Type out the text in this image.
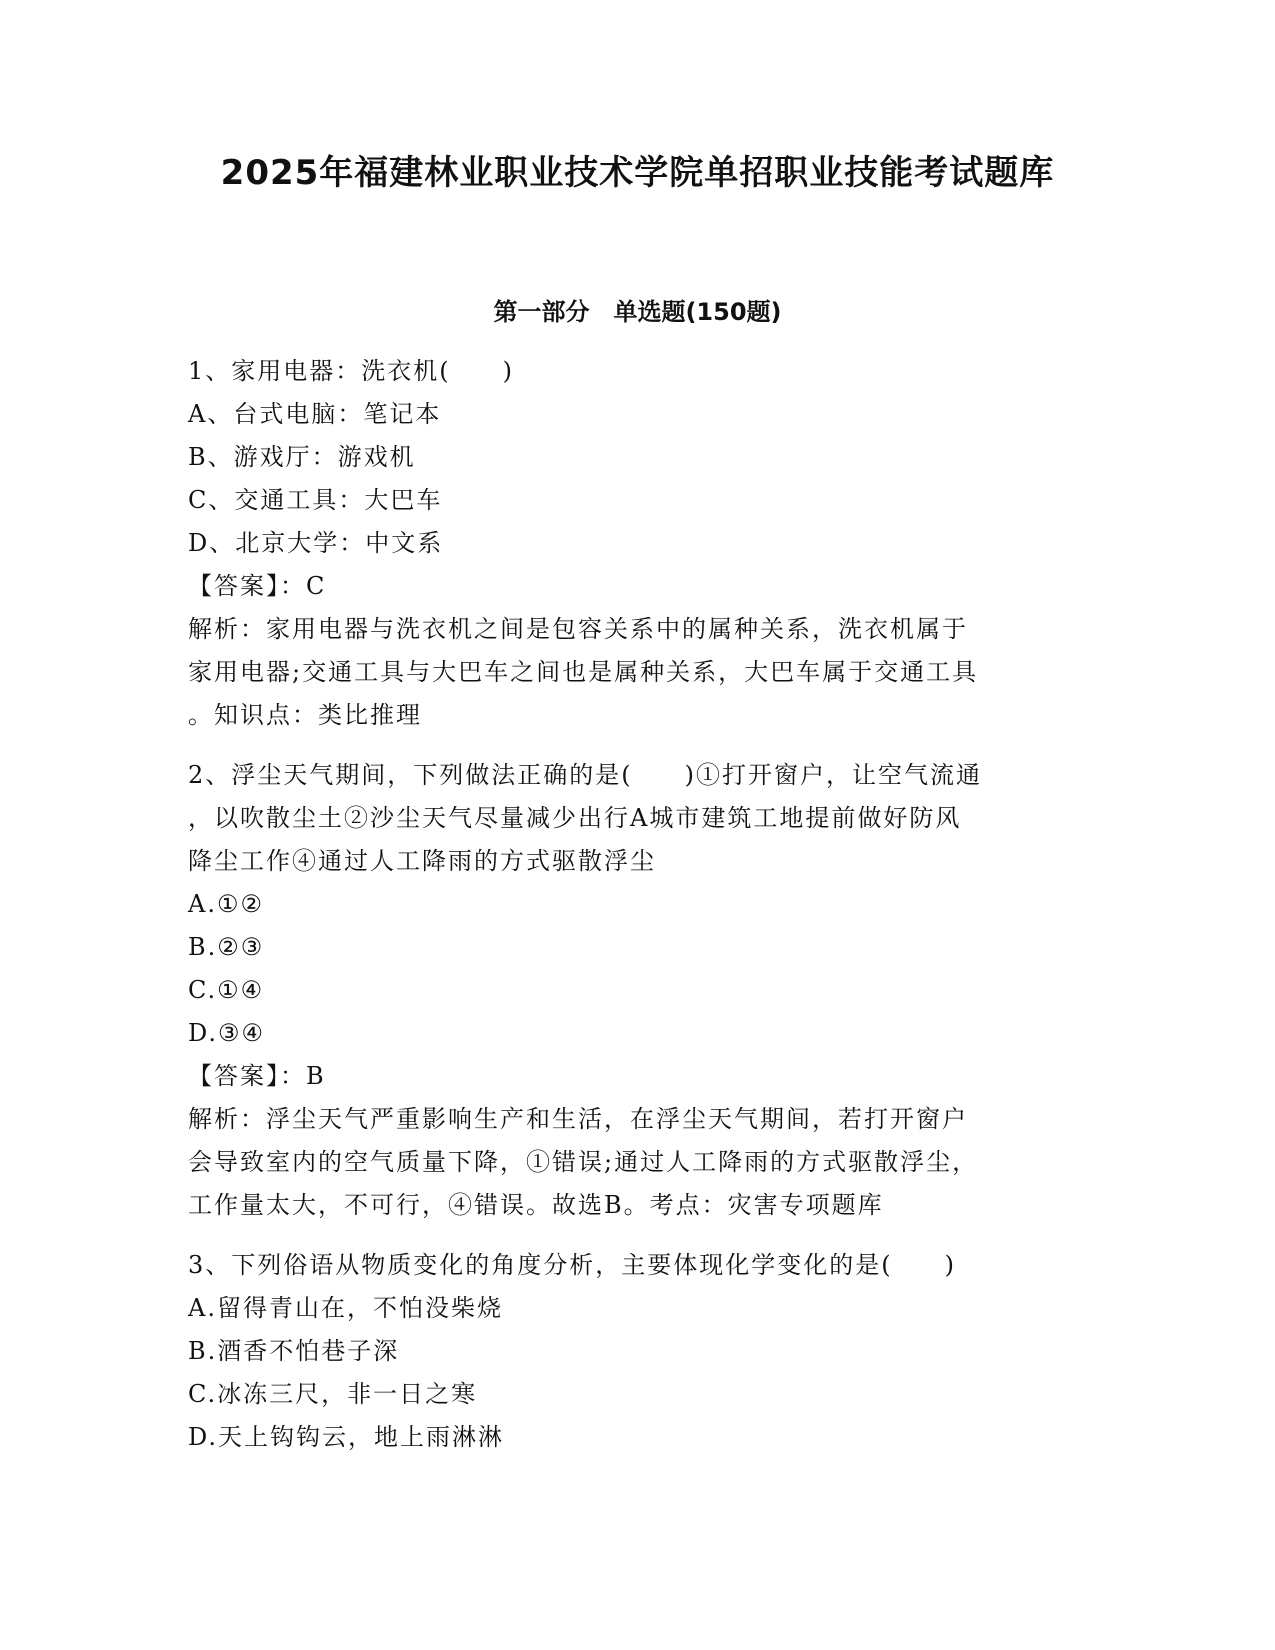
2025年福建林业职业技术学院单招职业技能考试题库
第一部分　单选题(150题)
1、家用电器：洗衣机(　　)
A、台式电脑：笔记本
B、游戏厅：游戏机
C、交通工具：大巴车
D、北京大学：中文系
【答案】：C
解析：家用电器与洗衣机之间是包容关系中的属种关系，洗衣机属于
家用电器;交通工具与大巴车之间也是属种关系，大巴车属于交通工具
。知识点：类比推理
2、浮尘天气期间，下列做法正确的是(　　)①打开窗户，让空气流通
，以吹散尘土②沙尘天气尽量减少出行A城市建筑工地提前做好防风
降尘工作④通过人工降雨的方式驱散浮尘
A.①②
B.②③
C.①④
D.③④
【答案】：B
解析：浮尘天气严重影响生产和生活，在浮尘天气期间，若打开窗户
会导致室内的空气质量下降，①错误;通过人工降雨的方式驱散浮尘，
工作量太大，不可行，④错误。故选B。考点：灾害专项题库
3、下列俗语从物质变化的角度分析，主要体现化学变化的是(　　)
A.留得青山在，不怕没柴烧
B.酒香不怕巷子深
C.冰冻三尺，非一日之寒
D.天上钩钩云，地上雨淋淋
